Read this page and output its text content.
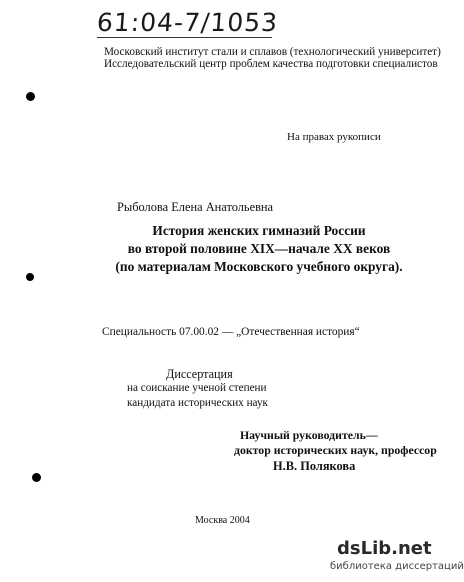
61:04-7/1053
Московский институт стали и сплавов (технологический университет)
Исследовательский центр проблем качества подготовки специалистов
На правах рукописи
Рыболова Елена Анатольевна
История женских гимназий России
во второй половине XIX—начале XX веков
(по материалам Московского учебного округа).
Специальность 07.00.02 — „Отечественная история“
Диссертация
на соискание ученой степени
кандидата исторических наук
Научный руководитель—
доктор исторических наук, профессор
Н.В. Полякова
Москва 2004
dsLib.net
библиотека диссертаций
